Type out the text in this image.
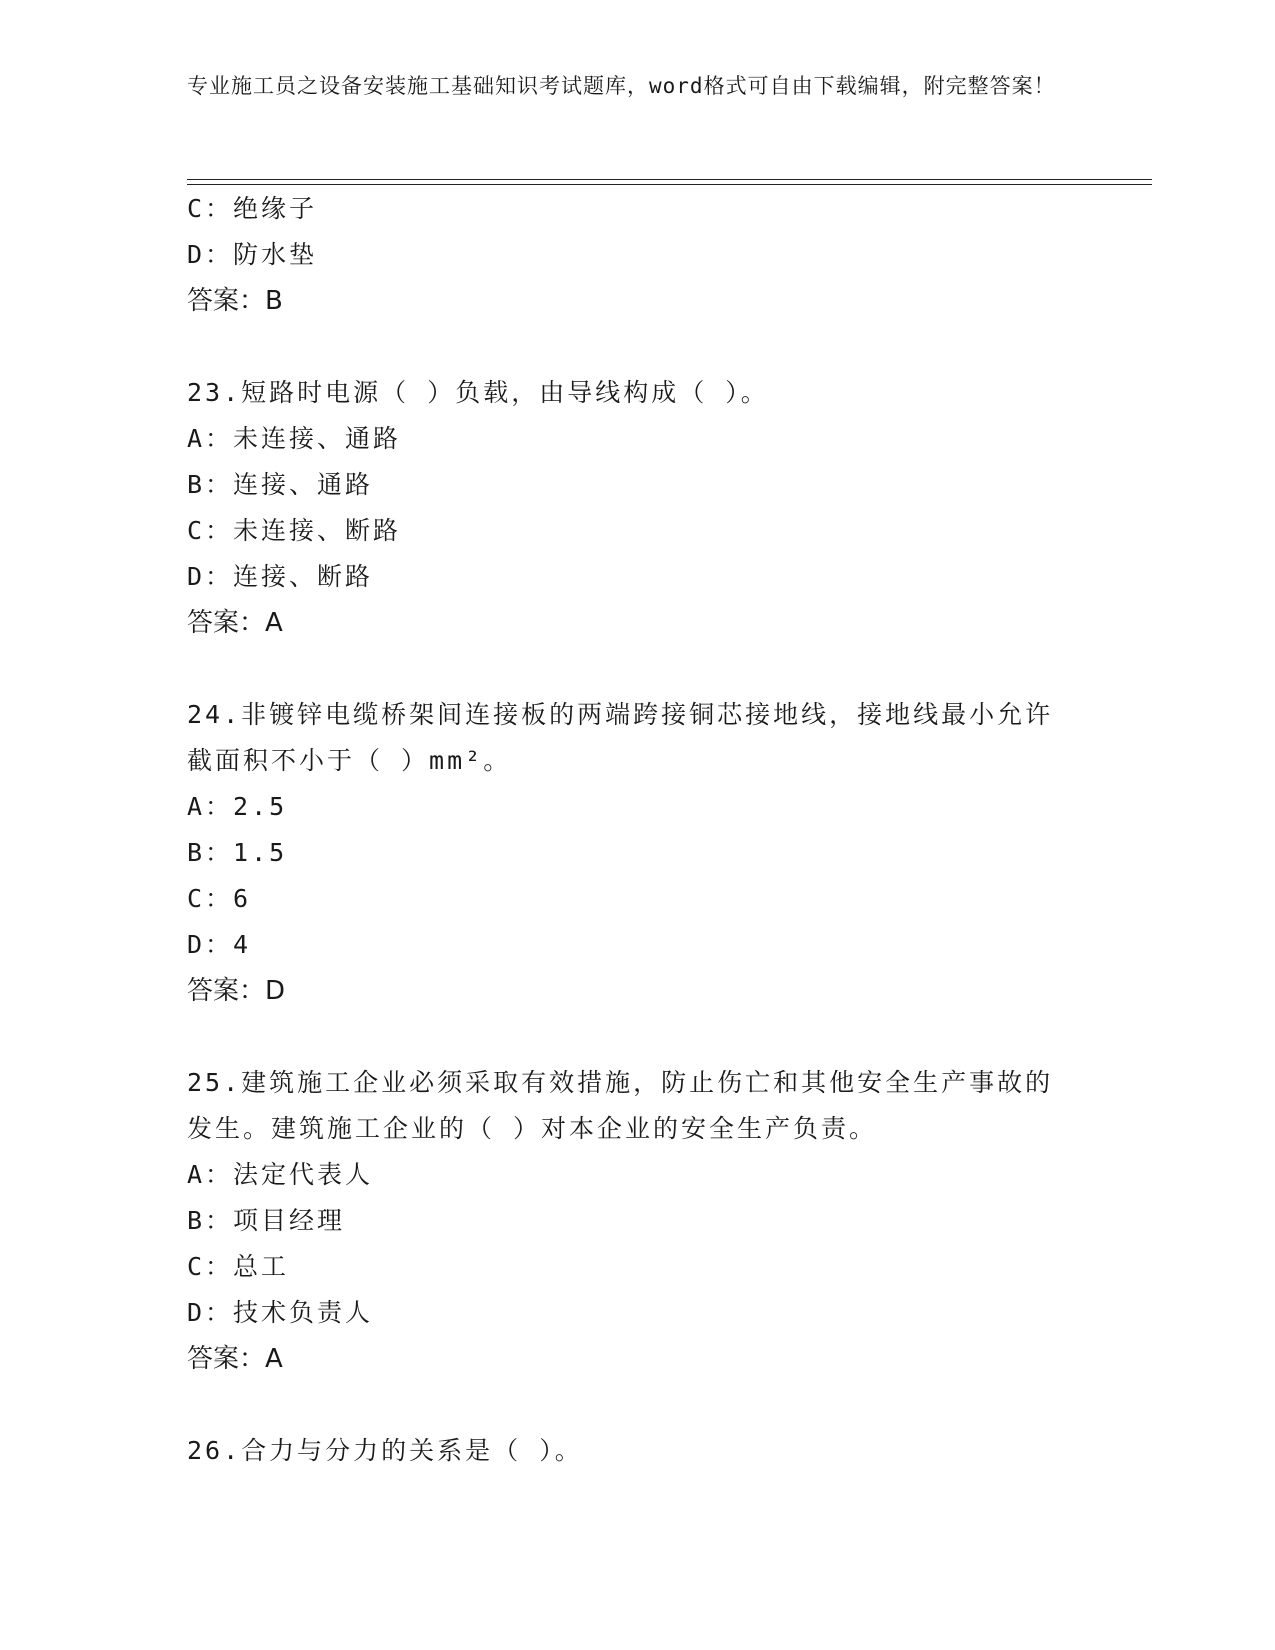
专业施工员之设备安装施工基础知识考试题库，word格式可自由下载编辑，附完整答案！
C：绝缘子
D：防水垫
答案：B
23.短路时电源（ ）负载，由导线构成（ ）。
A：未连接、通路
B：连接、通路
C：未连接、断路
D：连接、断路
答案：A
24.非镀锌电缆桥架间连接板的两端跨接铜芯接地线，接地线最小允许截面积不小于（ ）mm²。
A：2.5
B：1.5
C：6
D：4
答案：D
25.建筑施工企业必须采取有效措施，防止伤亡和其他安全生产事故的发生。建筑施工企业的（ ）对本企业的安全生产负责。
A：法定代表人
B：项目经理
C：总工
D：技术负责人
答案：A
26.合力与分力的关系是（ ）。
